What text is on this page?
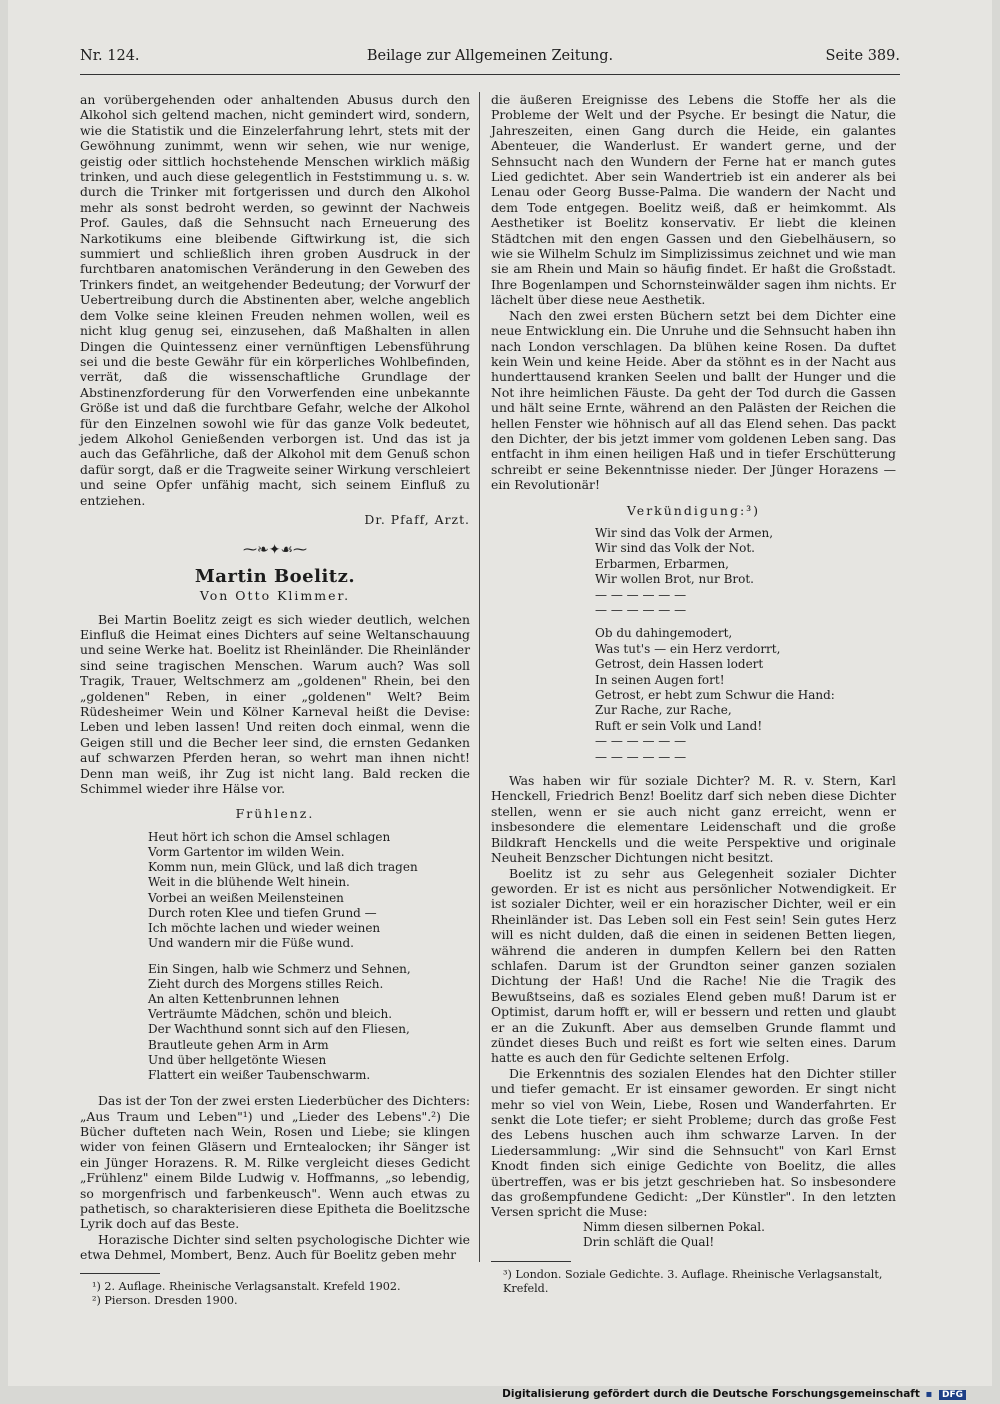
Nr. 124.	Beilage zur Allgemeinen Zeitung.	Seite 389.

an vorübergehenden oder anhaltenden Abusus durch den Alkohol sich geltend machen, nicht gemindert wird, sondern, wie die Statistik und die Einzelerfahrung lehrt, stets mit der Gewöhnung zunimmt, wenn wir sehen, wie nur wenige, geistig oder sittlich hochstehende Menschen wirklich mäßig trinken, und auch diese gelegentlich in Feststimmung u. s. w. durch die Trinker mit fortgerissen und durch den Alkohol mehr als sonst bedroht werden, so gewinnt der Nachweis Prof. Gaules, daß die Sehnsucht nach Erneuerung des Narkotikums eine bleibende Giftwirkung ist, die sich summiert und schließlich ihren groben Ausdruck in der furchtbaren anatomischen Veränderung in den Geweben des Trinkers findet, an weitgehender Bedeutung; der Vorwurf der Uebertreibung durch die Abstinenten aber, welche angeblich dem Volke seine kleinen Freuden nehmen wollen, weil es nicht klug genug sei, einzusehen, daß Maßhalten in allen Dingen die Quintessenz einer vernünftigen Lebensführung sei und die beste Gewähr für ein körperliches Wohlbefinden, verrät, daß die wissenschaftliche Grundlage der Abstinenzforderung für den Vorwerfenden eine unbekannte Größe ist und daß die furchtbare Gefahr, welche der Alkohol für den Einzelnen sowohl wie für das ganze Volk bedeutet, jedem Alkohol Genießenden verborgen ist. Und das ist ja auch das Gefährliche, daß der Alkohol mit dem Genuß schon dafür sorgt, daß er die Tragweite seiner Wirkung verschleiert und seine Opfer unfähig macht, sich seinem Einfluß zu entziehen.

Dr. Pfaff, Arzt.
⁓❧✦☙⁓
Martin Boelitz.
Von Otto Klimmer.

Bei Martin Boelitz zeigt es sich wieder deutlich, welchen Einfluß die Heimat eines Dichters auf seine Weltanschauung und seine Werke hat. Boelitz ist Rheinländer. Die Rheinländer sind seine tragischen Menschen. Warum auch? Was soll Tragik, Trauer, Weltschmerz am „goldenen" Rhein, bei den „goldenen" Reben, in einer „goldenen" Welt? Beim Rüdesheimer Wein und Kölner Karneval heißt die Devise: Leben und leben lassen! Und reiten doch einmal, wenn die Geigen still und die Becher leer sind, die ernsten Gedanken auf schwarzen Pferden heran, so wehrt man ihnen nicht! Denn man weiß, ihr Zug ist nicht lang. Bald recken die Schimmel wieder ihre Hälse vor.

Frühlenz.
Heut hört ich schon die Amsel schlagen
Vorm Gartentor im wilden Wein.
Komm nun, mein Glück, und laß dich tragen
Weit in die blühende Welt hinein.
Vorbei an weißen Meilensteinen
Durch roten Klee und tiefen Grund —
Ich möchte lachen und wieder weinen
Und wandern mir die Füße wund.
Ein Singen, halb wie Schmerz und Sehnen,
Zieht durch des Morgens stilles Reich.
An alten Kettenbrunnen lehnen
Verträumte Mädchen, schön und bleich.
Der Wachthund sonnt sich auf den Fliesen,
Brautleute gehen Arm in Arm
Und über hellgetönte Wiesen
Flattert ein weißer Taubenschwarm.

Das ist der Ton der zwei ersten Liederbücher des Dichters: „Aus Traum und Leben"¹) und „Lieder des Lebens".²) Die Bücher dufteten nach Wein, Rosen und Liebe; sie klingen wider von feinen Gläsern und Erntealocken; ihr Sänger ist ein Jünger Horazens. R. M. Rilke vergleicht dieses Gedicht „Frühlenz" einem Bilde Ludwig v. Hoffmanns, „so lebendig, so morgenfrisch und farbenkeusch". Wenn auch etwas zu pathetisch, so charakterisieren diese Epitheta die Boelitzsche Lyrik doch auf das Beste.

Horazische Dichter sind selten psychologische Dichter wie etwa Dehmel, Mombert, Benz. Auch für Boelitz geben mehr

¹) 2. Auflage. Rheinische Verlagsanstalt. Krefeld 1902.
²) Pierson. Dresden 1900.

die äußeren Ereignisse des Lebens die Stoffe her als die Probleme der Welt und der Psyche. Er besingt die Natur, die Jahreszeiten, einen Gang durch die Heide, ein galantes Abenteuer, die Wanderlust. Er wandert gerne, und der Sehnsucht nach den Wundern der Ferne hat er manch gutes Lied gedichtet. Aber sein Wandertrieb ist ein anderer als bei Lenau oder Georg Busse-Palma. Die wandern der Nacht und dem Tode entgegen. Boelitz weiß, daß er heimkommt. Als Aesthetiker ist Boelitz konservativ. Er liebt die kleinen Städtchen mit den engen Gassen und den Giebelhäusern, so wie sie Wilhelm Schulz im Simplizissimus zeichnet und wie man sie am Rhein und Main so häufig findet. Er haßt die Großstadt. Ihre Bogenlampen und Schornsteinwälder sagen ihm nichts. Er lächelt über diese neue Aesthetik.

Nach den zwei ersten Büchern setzt bei dem Dichter eine neue Entwicklung ein. Die Unruhe und die Sehnsucht haben ihn nach London verschlagen. Da blühen keine Rosen. Da duftet kein Wein und keine Heide. Aber da stöhnt es in der Nacht aus hunderttausend kranken Seelen und ballt der Hunger und die Not ihre heimlichen Fäuste. Da geht der Tod durch die Gassen und hält seine Ernte, während an den Palästen der Reichen die hellen Fenster wie höhnisch auf all das Elend sehen. Das packt den Dichter, der bis jetzt immer vom goldenen Leben sang. Das entfacht in ihm einen heiligen Haß und in tiefer Erschütterung schreibt er seine Bekenntnisse nieder. Der Jünger Horazens — ein Revolutionär!

Verkündigung:³)
Wir sind das Volk der Armen,
Wir sind das Volk der Not.
Erbarmen, Erbarmen,
Wir wollen Brot, nur Brot.
— — — — — —
— — — — — —
Ob du dahingemodert,
Was tut's — ein Herz verdorrt,
Getrost, dein Hassen lodert
In seinen Augen fort!
Getrost, er hebt zum Schwur die Hand:
Zur Rache, zur Rache,
Ruft er sein Volk und Land!
— — — — — —
— — — — — —

Was haben wir für soziale Dichter? M. R. v. Stern, Karl Henckell, Friedrich Benz! Boelitz darf sich neben diese Dichter stellen, wenn er sie auch nicht ganz erreicht, wenn er insbesondere die elementare Leidenschaft und die große Bildkraft Henckells und die weite Perspektive und originale Neuheit Benzscher Dichtungen nicht besitzt.

Boelitz ist zu sehr aus Gelegenheit sozialer Dichter geworden. Er ist es nicht aus persönlicher Notwendigkeit. Er ist sozialer Dichter, weil er ein horazischer Dichter, weil er ein Rheinländer ist. Das Leben soll ein Fest sein! Sein gutes Herz will es nicht dulden, daß die einen in seidenen Betten liegen, während die anderen in dumpfen Kellern bei den Ratten schlafen. Darum ist der Grundton seiner ganzen sozialen Dichtung der Haß! Und die Rache! Nie die Tragik des Bewußtseins, daß es soziales Elend geben muß! Darum ist er Optimist, darum hofft er, will er bessern und retten und glaubt er an die Zukunft. Aber aus demselben Grunde flammt und zündet dieses Buch und reißt es fort wie selten eines. Darum hatte es auch den für Gedichte seltenen Erfolg.

Die Erkenntnis des sozialen Elendes hat den Dichter stiller und tiefer gemacht. Er ist einsamer geworden. Er singt nicht mehr so viel von Wein, Liebe, Rosen und Wanderfahrten. Er senkt die Lote tiefer; er sieht Probleme; durch das große Fest des Lebens huschen auch ihm schwarze Larven. In der Liedersammlung: „Wir sind die Sehnsucht" von Karl Ernst Knodt finden sich einige Gedichte von Boelitz, die alles übertreffen, was er bis jetzt geschrieben hat. So insbesondere das großempfundene Gedicht: „Der Künstler". In den letzten Versen spricht die Muse:

Nimm diesen silbernen Pokal.
Drin schläft die Qual!
³) London. Soziale Gedichte. 3. Auflage. Rheinische Verlagsanstalt, Krefeld.
Digitalisierung gefördert durch die Deutsche Forschungsgemeinschaft ▪ DFG
